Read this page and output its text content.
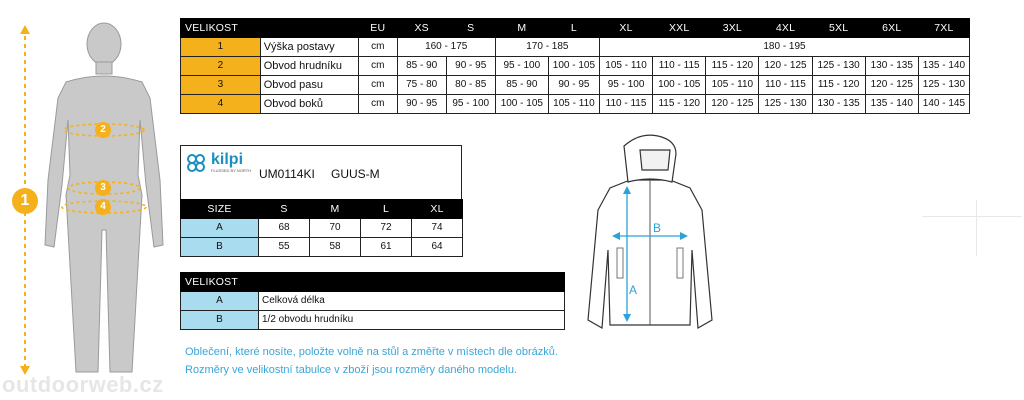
1
2
3
4
VELIKOST		EU	XS	S	M	L	XL	XXL	3XL	4XL	5XL	6XL	7XL
1	Výška postavy	cm	160 - 175		170 - 185		180 - 195						
2	Obvod hrudníku	cm	85 - 90	90 - 95	95 - 100	100 - 105	105 - 110	110 - 115	115 - 120	120 - 125	125 - 130	130 - 135	135 - 140
3	Obvod pasu	cm	75 - 80	80 - 85	85 - 90	90 - 95	95 - 100	100 - 105	105 - 110	110 - 115	115 - 120	120 - 125	125 - 130
4	Obvod boků	cm	90 - 95	95 - 100	100 - 105	105 - 110	110 - 115	115 - 120	120 - 125	125 - 130	130 - 135	135 - 140	140 - 145
kilpi
FLUSSED BY NORTH UM0114KI GUUS-M
SIZE	S	M	L	XL
A	68	70	72	74
B	55	58	61	64
VELIKOST	
A	Celková délka
B	1/2 obvodu hrudníku
Oblečení, které nosíte, položte volně na stůl a změřte v místech dle obrázků.
Rozměry ve velikostní tabulce v zboží jsou rozměry daného modelu.
outdoorweb.cz
A
B
